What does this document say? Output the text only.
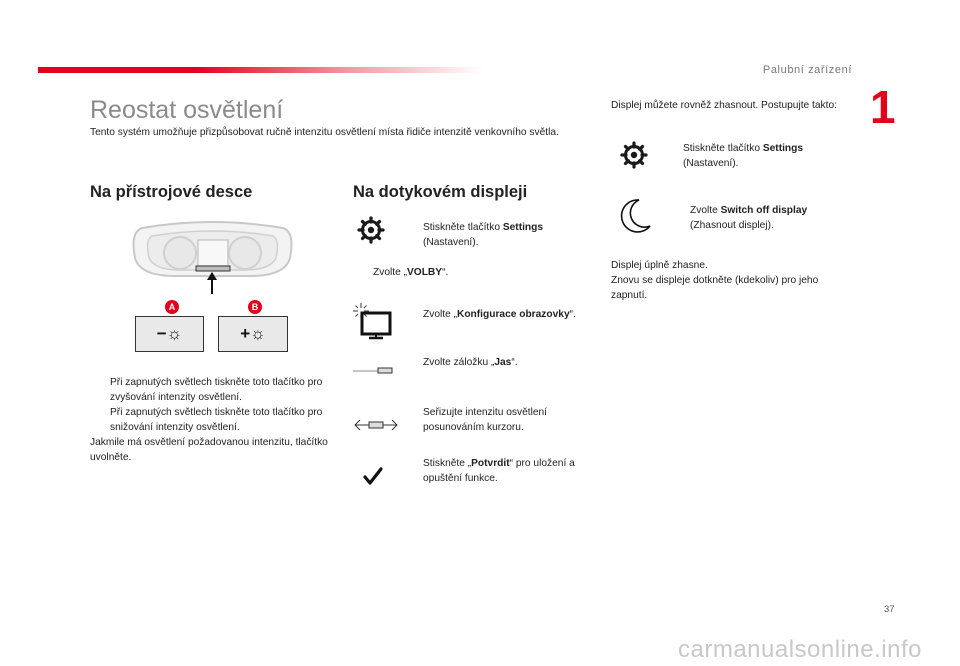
Palubní zařízení
1
Reostat osvětlení
Tento systém umožňuje přizpůsobovat ručně intenzitu osvětlení místa řidiče intenzitě venkovního světla.
Na přístrojové desce
A	B
−☼	+☼
Při zapnutých světlech tiskněte toto tlačítko pro zvyšování intenzity osvětlení.
Při zapnutých světlech tiskněte toto tlačítko pro snižování intenzity osvětlení.
Jakmile má osvětlení požadovanou intenzitu, tlačítko uvolněte.
Na dotykovém displeji
Stiskněte tlačítko Settings (Nastavení).
Zvolte „VOLBY“.
Zvolte „Konfigurace obrazovky“.
Zvolte záložku „Jas“.
Seřizujte intenzitu osvětlení posunováním kurzoru.
Stiskněte „Potvrdit“ pro uložení a opuštění funkce.
Displej můžete rovněž zhasnout. Postupujte takto:
Stiskněte tlačítko Settings (Nastavení).
Zvolte Switch off display (Zhasnout displej).
Displej úplně zhasne.
Znovu se displeje dotkněte (kdekoliv) pro jeho zapnutí.
37
carmanualsonline.info
